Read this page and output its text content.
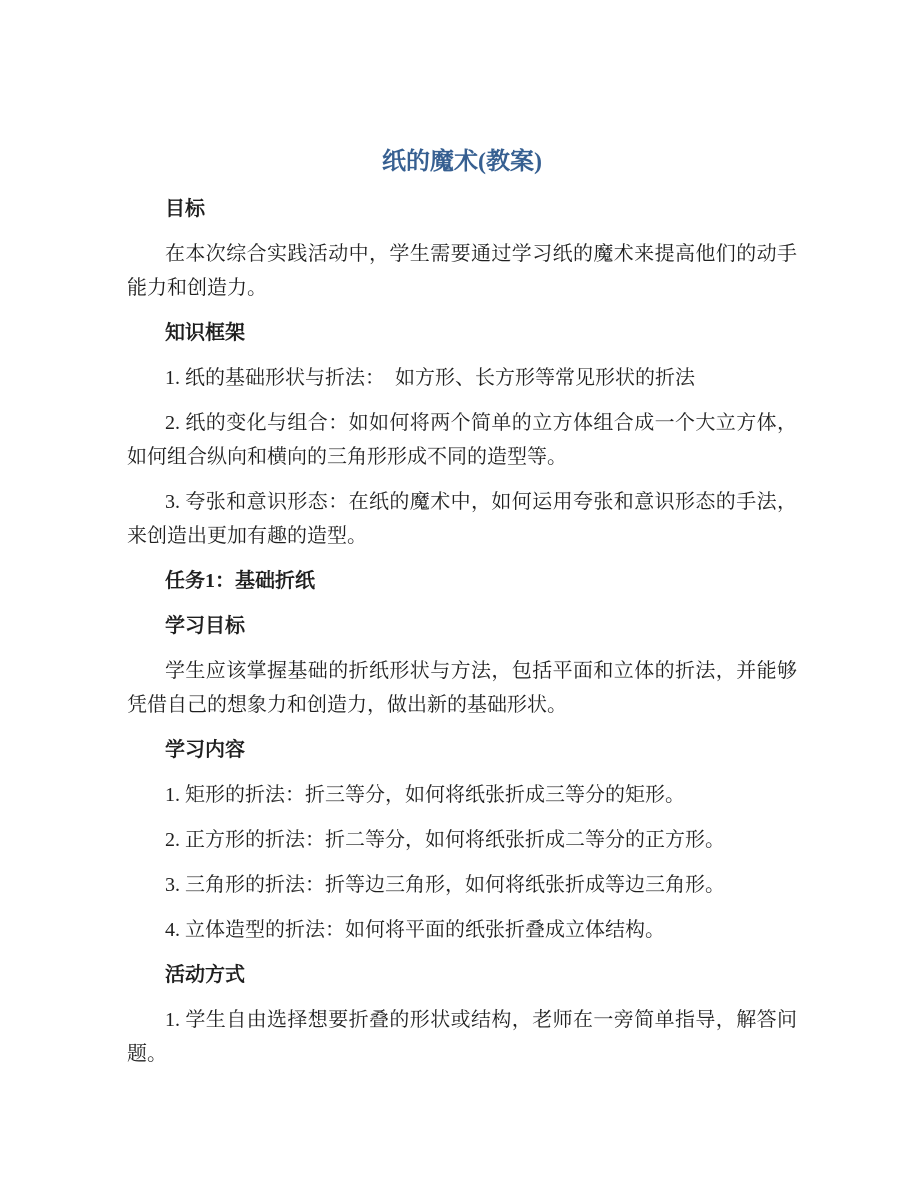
纸的魔术(教案)

目标

在本次综合实践活动中，学生需要通过学习纸的魔术来提高他们的动手能力和创造力。

知识框架

1. 纸的基础形状与折法：　如方形、长方形等常见形状的折法

2. 纸的变化与组合：如如何将两个简单的立方体组合成一个大立方体，如何组合纵向和横向的三角形形成不同的造型等。

3. 夸张和意识形态：在纸的魔术中，如何运用夸张和意识形态的手法，来创造出更加有趣的造型。

任务1：基础折纸

学习目标

学生应该掌握基础的折纸形状与方法，包括平面和立体的折法，并能够凭借自己的想象力和创造力，做出新的基础形状。

学习内容

1. 矩形的折法：折三等分，如何将纸张折成三等分的矩形。

2. 正方形的折法：折二等分，如何将纸张折成二等分的正方形。

3. 三角形的折法：折等边三角形，如何将纸张折成等边三角形。

4. 立体造型的折法：如何将平面的纸张折叠成立体结构。

活动方式

1. 学生自由选择想要折叠的形状或结构，老师在一旁简单指导，解答问题。
